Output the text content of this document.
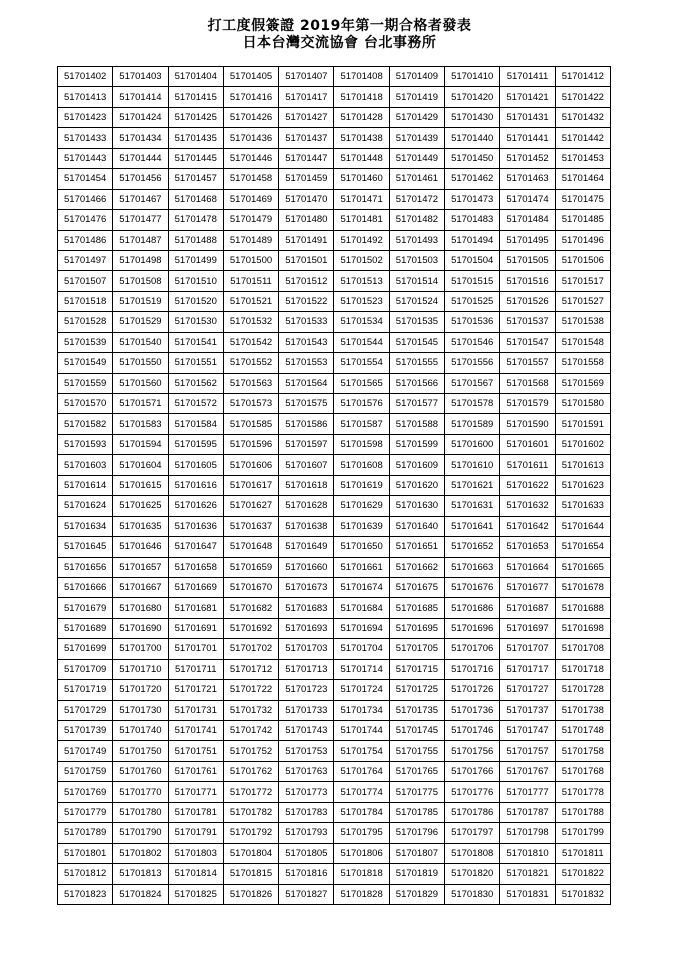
打工度假簽證 2019年第一期合格者發表
日本台灣交流協會 台北事務所
51701402	51701403	51701404	51701405	51701407	51701408	51701409	51701410	51701411	51701412
51701413	51701414	51701415	51701416	51701417	51701418	51701419	51701420	51701421	51701422
51701423	51701424	51701425	51701426	51701427	51701428	51701429	51701430	51701431	51701432
51701433	51701434	51701435	51701436	51701437	51701438	51701439	51701440	51701441	51701442
51701443	51701444	51701445	51701446	51701447	51701448	51701449	51701450	51701452	51701453
51701454	51701456	51701457	51701458	51701459	51701460	51701461	51701462	51701463	51701464
51701466	51701467	51701468	51701469	51701470	51701471	51701472	51701473	51701474	51701475
51701476	51701477	51701478	51701479	51701480	51701481	51701482	51701483	51701484	51701485
51701486	51701487	51701488	51701489	51701491	51701492	51701493	51701494	51701495	51701496
51701497	51701498	51701499	51701500	51701501	51701502	51701503	51701504	51701505	51701506
51701507	51701508	51701510	51701511	51701512	51701513	51701514	51701515	51701516	51701517
51701518	51701519	51701520	51701521	51701522	51701523	51701524	51701525	51701526	51701527
51701528	51701529	51701530	51701532	51701533	51701534	51701535	51701536	51701537	51701538
51701539	51701540	51701541	51701542	51701543	51701544	51701545	51701546	51701547	51701548
51701549	51701550	51701551	51701552	51701553	51701554	51701555	51701556	51701557	51701558
51701559	51701560	51701562	51701563	51701564	51701565	51701566	51701567	51701568	51701569
51701570	51701571	51701572	51701573	51701575	51701576	51701577	51701578	51701579	51701580
51701582	51701583	51701584	51701585	51701586	51701587	51701588	51701589	51701590	51701591
51701593	51701594	51701595	51701596	51701597	51701598	51701599	51701600	51701601	51701602
51701603	51701604	51701605	51701606	51701607	51701608	51701609	51701610	51701611	51701613
51701614	51701615	51701616	51701617	51701618	51701619	51701620	51701621	51701622	51701623
51701624	51701625	51701626	51701627	51701628	51701629	51701630	51701631	51701632	51701633
51701634	51701635	51701636	51701637	51701638	51701639	51701640	51701641	51701642	51701644
51701645	51701646	51701647	51701648	51701649	51701650	51701651	51701652	51701653	51701654
51701656	51701657	51701658	51701659	51701660	51701661	51701662	51701663	51701664	51701665
51701666	51701667	51701669	51701670	51701673	51701674	51701675	51701676	51701677	51701678
51701679	51701680	51701681	51701682	51701683	51701684	51701685	51701686	51701687	51701688
51701689	51701690	51701691	51701692	51701693	51701694	51701695	51701696	51701697	51701698
51701699	51701700	51701701	51701702	51701703	51701704	51701705	51701706	51701707	51701708
51701709	51701710	51701711	51701712	51701713	51701714	51701715	51701716	51701717	51701718
51701719	51701720	51701721	51701722	51701723	51701724	51701725	51701726	51701727	51701728
51701729	51701730	51701731	51701732	51701733	51701734	51701735	51701736	51701737	51701738
51701739	51701740	51701741	51701742	51701743	51701744	51701745	51701746	51701747	51701748
51701749	51701750	51701751	51701752	51701753	51701754	51701755	51701756	51701757	51701758
51701759	51701760	51701761	51701762	51701763	51701764	51701765	51701766	51701767	51701768
51701769	51701770	51701771	51701772	51701773	51701774	51701775	51701776	51701777	51701778
51701779	51701780	51701781	51701782	51701783	51701784	51701785	51701786	51701787	51701788
51701789	51701790	51701791	51701792	51701793	51701795	51701796	51701797	51701798	51701799
51701801	51701802	51701803	51701804	51701805	51701806	51701807	51701808	51701810	51701811
51701812	51701813	51701814	51701815	51701816	51701818	51701819	51701820	51701821	51701822
51701823	51701824	51701825	51701826	51701827	51701828	51701829	51701830	51701831	51701832
